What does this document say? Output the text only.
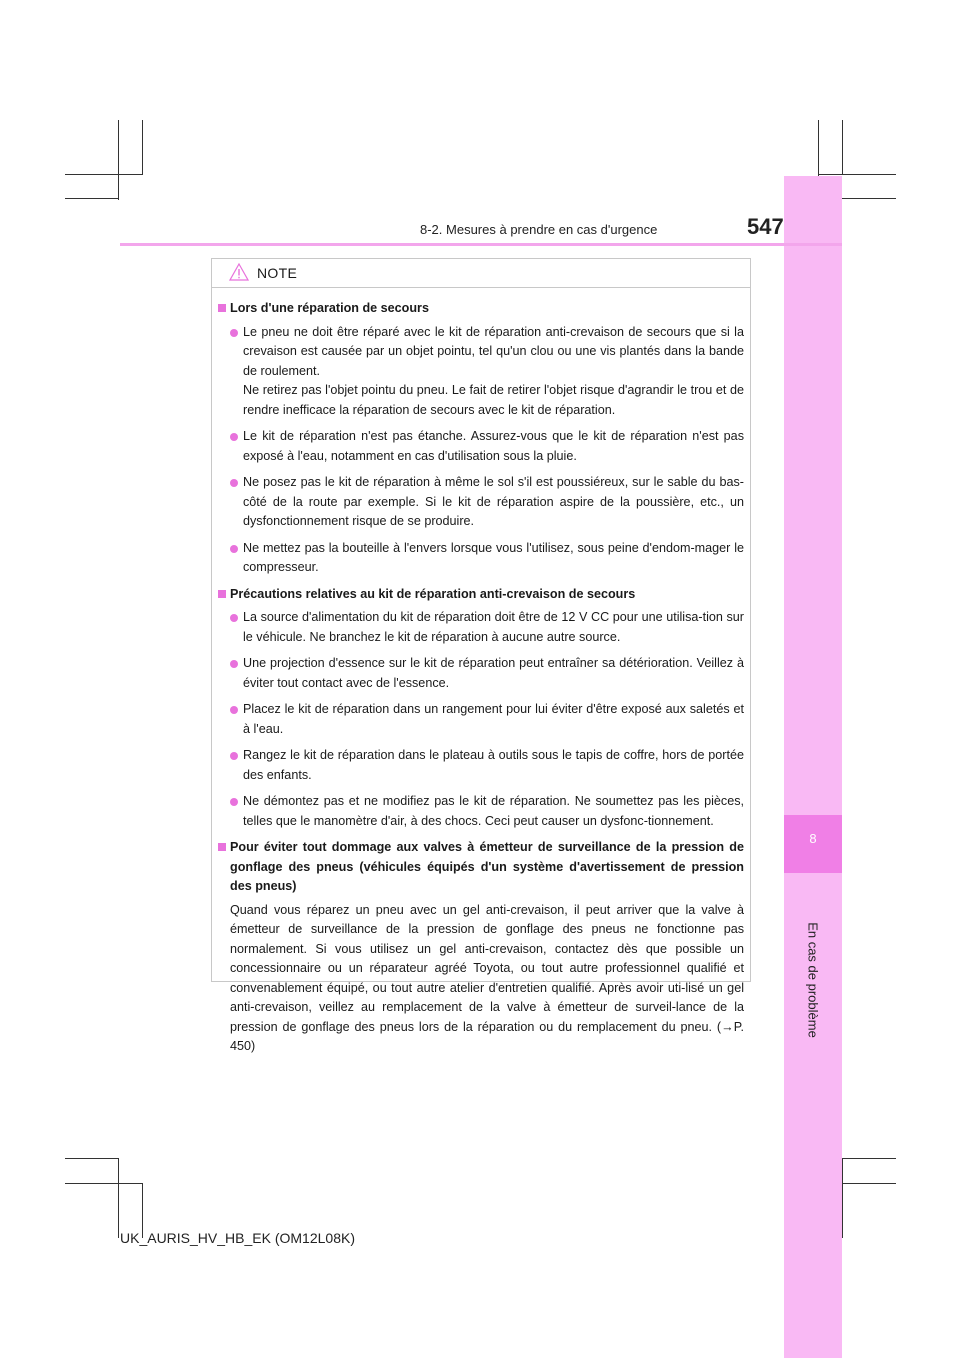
8
En cas de problème
8-2. Mesures à prendre en cas d'urgence	547
NOTE
Lors d'une réparation de secours
Le pneu ne doit être réparé avec le kit de réparation anti-crevaison de secours que si la crevaison est causée par un objet pointu, tel qu'un clou ou une vis plantés dans la bande de roulement.
Ne retirez pas l'objet pointu du pneu. Le fait de retirer l'objet risque d'agrandir le trou et de rendre inefficace la réparation de secours avec le kit de réparation.
Le kit de réparation n'est pas étanche. Assurez-vous que le kit de réparation n'est pas exposé à l'eau, notamment en cas d'utilisation sous la pluie.
Ne posez pas le kit de réparation à même le sol s'il est poussiéreux, sur le sable du bas-côté de la route par exemple. Si le kit de réparation aspire de la poussière, etc., un dysfonctionnement risque de se produire.
Ne mettez pas la bouteille à l'envers lorsque vous l'utilisez, sous peine d'endom-mager le compresseur.
Précautions relatives au kit de réparation anti-crevaison de secours
La source d'alimentation du kit de réparation doit être de 12 V CC pour une utilisa-tion sur le véhicule. Ne branchez le kit de réparation à aucune autre source.
Une projection d'essence sur le kit de réparation peut entraîner sa détérioration. Veillez à éviter tout contact avec de l'essence.
Placez le kit de réparation dans un rangement pour lui éviter d'être exposé aux saletés et à l'eau.
Rangez le kit de réparation dans le plateau à outils sous le tapis de coffre, hors de portée des enfants.
Ne démontez pas et ne modifiez pas le kit de réparation. Ne soumettez pas les pièces, telles que le manomètre d'air, à des chocs. Ceci peut causer un dysfonc-tionnement.
Pour éviter tout dommage aux valves à émetteur de surveillance de la pression de gonflage des pneus (véhicules équipés d'un système d'avertissement de pression des pneus)
Quand vous réparez un pneu avec un gel anti-crevaison, il peut arriver que la valve à émetteur de surveillance de la pression de gonflage des pneus ne fonctionne pas normalement. Si vous utilisez un gel anti-crevaison, contactez dès que possible un concessionnaire ou un réparateur agréé Toyota, ou tout autre professionnel qualifié et convenablement équipé, ou tout autre atelier d'entretien qualifié. Après avoir uti-lisé un gel anti-crevaison, veillez au remplacement de la valve à émetteur de surveil-lance de la pression de gonflage des pneus lors de la réparation ou du remplacement du pneu. (→P. 450)
UK_AURIS_HV_HB_EK (OM12L08K)
